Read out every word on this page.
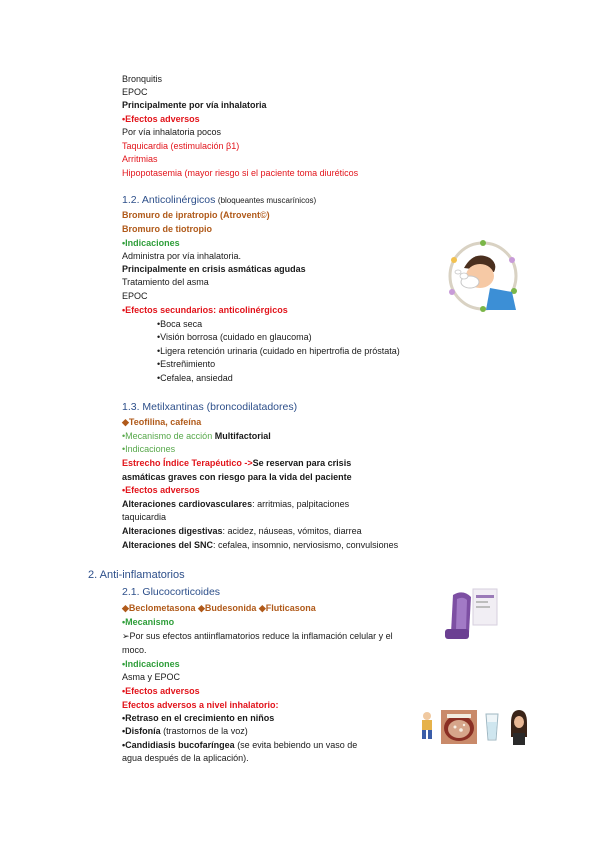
Bronquitis
EPOC
Principalmente por vía inhalatoria
•Efectos adversos
Por vía inhalatoria pocos
Taquicardia (estimulación β1)
Arritmias
Hipopotasemia (mayor riesgo si el paciente toma diuréticos
1.2. Anticolinérgicos (bloqueantes muscarínicos)
Bromuro de ipratropio (Atrovent©)
Bromuro de tiotropio
•Indicaciones
Administra por vía inhalatoria.
Principalmente en crisis asmáticas agudas
Tratamiento del asma
EPOC
•Efectos secundarios: anticolinérgicos
•Boca seca
•Visión borrosa (cuidado en glaucoma)
•Ligera retención urinaria (cuidado en hipertrofia de próstata)
•Estreñimiento
•Cefalea, ansiedad
1.3. Metilxantinas (broncodilatadores)
◆Teofilina, cafeína
•Mecanismo de acción Multifactorial
•Indicaciones
Estrecho Índice Terapéutico ->Se reservan para crisis
asmáticas graves con riesgo para la vida del paciente
•Efectos adversos
Alteraciones cardiovasculares: arritmias, palpitaciones
taquicardia
Alteraciones digestivas: acidez, náuseas, vómitos, diarrea
Alteraciones del SNC: cefalea, insomnio, nerviosismo, convulsiones
2. Anti-inflamatorios
2.1. Glucocorticoides
◆Beclometasona ◆Budesonida ◆Fluticasona
•Mecanismo
➢Por sus efectos antiinflamatorios reduce la inflamación celular y el
moco.
•Indicaciones
Asma y EPOC
•Efectos adversos
Efectos adversos a nivel inhalatorio:
•Retraso en el crecimiento en niños
•Disfonía (trastornos de la voz)
•Candidiasis bucofaríngea (se evita bebiendo un vaso de
agua después de la aplicación).
